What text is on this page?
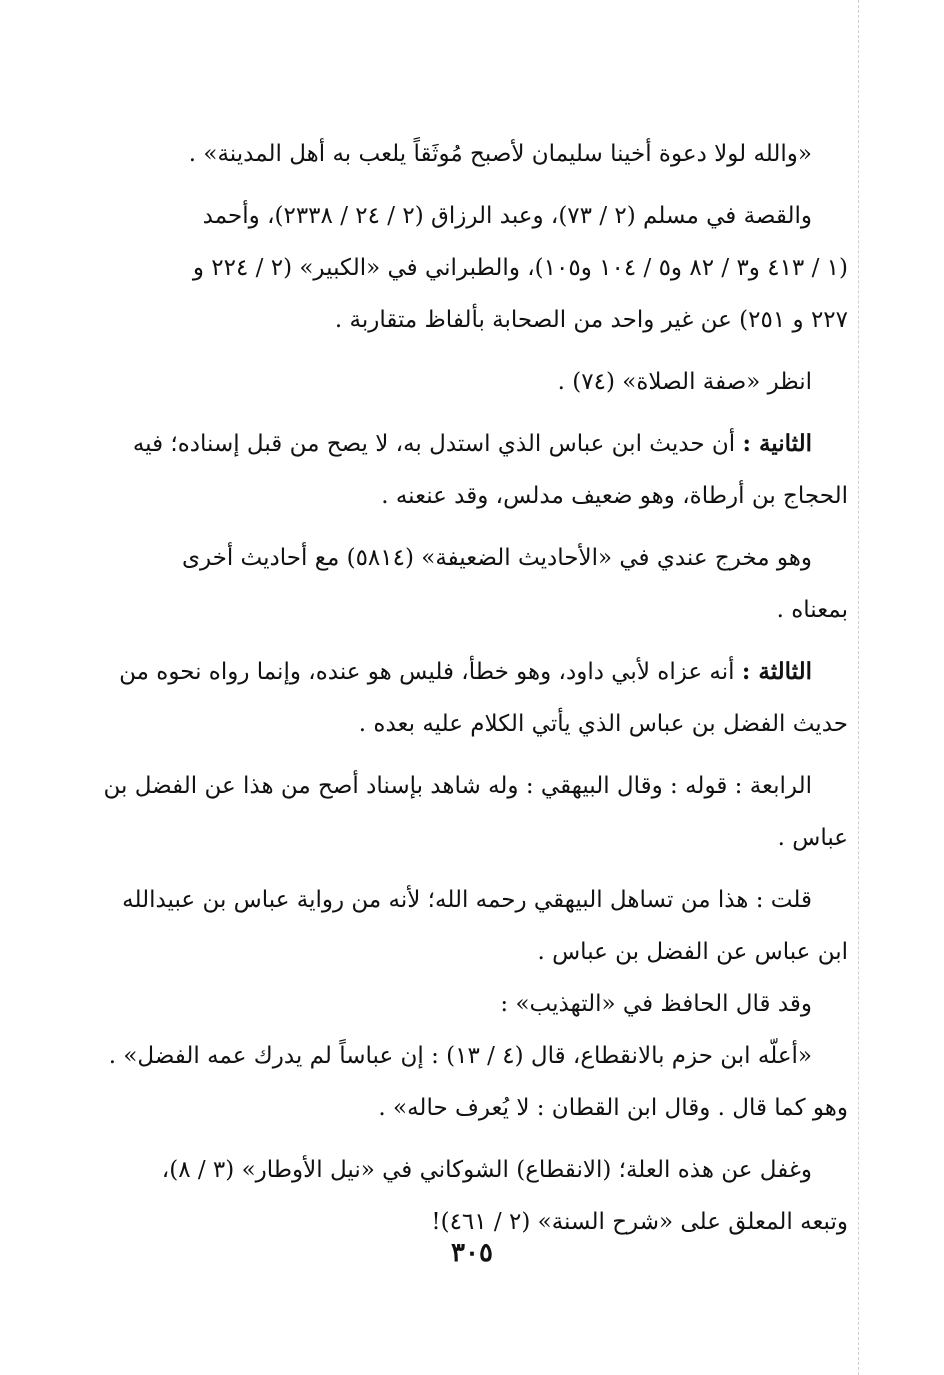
«والله لولا دعوة أخينا سليمان لأصبح مُوثَقاً يلعب به أهل المدينة» .
والقصة في مسلم (٢ / ٧٣)، وعبد الرزاق (٢ / ٢٤ / ٢٣٣٨)، وأحمد
(١ / ٤١٣ و٣ / ٨٢ و٥ / ١٠٤ و١٠٥)، والطبراني في «الكبير» (٢ / ٢٢٤ و
٢٢٧ و ٢٥١) عن غير واحد من الصحابة بألفاظ متقاربة .
انظر «صفة الصلاة» (٧٤) .
الثانية : أن حديث ابن عباس الذي استدل به، لا يصح من قبل إسناده؛ فيه
الحجاج بن أرطاة، وهو ضعيف مدلس، وقد عنعنه .
وهو مخرج عندي في «الأحاديث الضعيفة» (٥٨١٤) مع أحاديث أخرى
بمعناه .
الثالثة : أنه عزاه لأبي داود، وهو خطأ، فليس هو عنده، وإنما رواه نحوه من
حديث الفضل بن عباس الذي يأتي الكلام عليه بعده .
الرابعة : قوله : وقال البيهقي : وله شاهد بإسناد أصح من هذا عن الفضل بن
عباس .
قلت : هذا من تساهل البيهقي رحمه الله؛ لأنه من رواية عباس بن عبيدالله
ابن عباس عن الفضل بن عباس .
وقد قال الحافظ في «التهذيب» :
«أعلّه ابن حزم بالانقطاع، قال (٤ / ١٣) : إن عباساً لم يدرك عمه الفضل» .
وهو كما قال . وقال ابن القطان : لا يُعرف حاله» .
وغفل عن هذه العلة؛ (الانقطاع) الشوكاني في «نيل الأوطار» (٣ / ٨)،
وتبعه المعلق على «شرح السنة» (٢ / ٤٦١)!
٣٠٥
